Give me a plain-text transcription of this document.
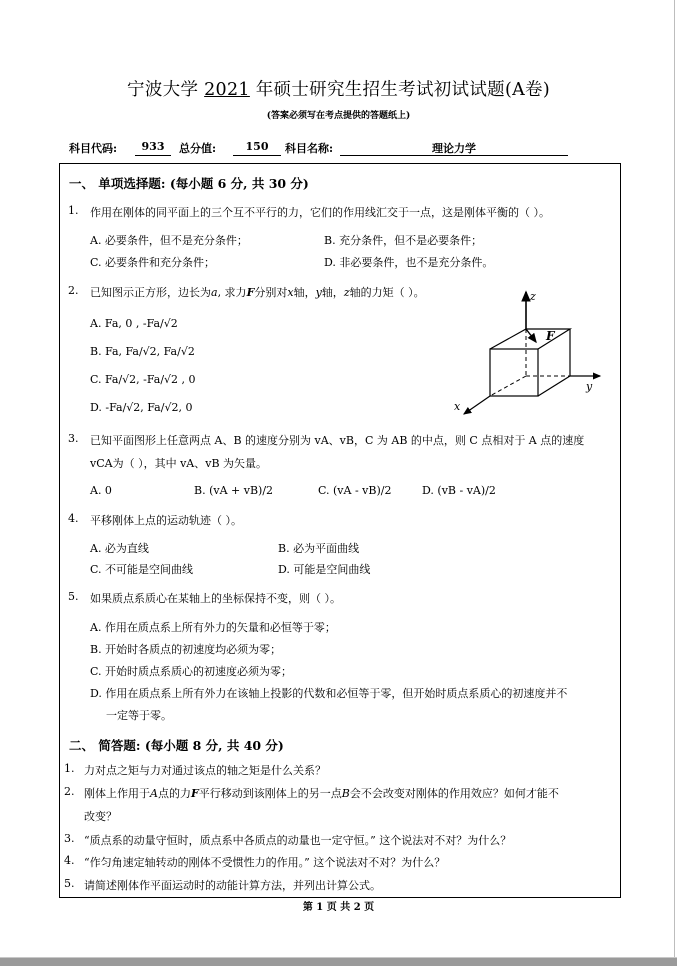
宁波大学 2021 年硕士研究生招生考试初试试题(A卷)
(答案必须写在考点提供的答题纸上)
科目代码:	933	总分值:	150	科目名称:	理论力学
一、 单项选择题: (每小题 6 分, 共 30 分)
1. 作用在刚体的同平面上的三个互不平行的力，它们的作用线汇交于一点，这是刚体平衡的（ ）。
A. 必要条件，但不是充分条件；	B. 充分条件，但不是必要条件；
C. 必要条件和充分条件；	D. 非必要条件，也不是充分条件。
2. 已知图示正方形，边长为a, 求力F分别对x轴，y轴，z轴的力矩（ ）。
A. Fa, 0 , -Fa/√2
B. Fa, Fa/√2, Fa/√2
C. Fa/√2, -Fa/√2 , 0
D. -Fa/√2, Fa/√2, 0
z
y
x
F
3. 已知平面图形上任意两点 A、B 的速度分别为 vA、vB，C 为 AB 的中点，则 C 点相对于 A 点的速度
vCA为（ ），其中 vA、vB 为矢量。
A. 0	B. (vA + vB)/2	C. (vA - vB)/2	D. (vB - vA)/2
4. 平移刚体上点的运动轨迹（ ）。
A. 必为直线	B. 必为平面曲线
C. 不可能是空间曲线	D. 可能是空间曲线
5. 如果质点系质心在某轴上的坐标保持不变，则（ ）。
A. 作用在质点系上所有外力的矢量和必恒等于零；
B. 开始时各质点的初速度均必须为零；
C. 开始时质点系质心的初速度必须为零；
D. 作用在质点系上所有外力在该轴上投影的代数和必恒等于零，但开始时质点系质心的初速度并不
一定等于零。
二、 简答题: (每小题 8 分, 共 40 分)
1. 力对点之矩与力对通过该点的轴之矩是什么关系？
2. 刚体上作用于A点的力F平行移动到该刚体上的另一点B会不会改变对刚体的作用效应？如何才能不
改变？
3. “质点系的动量守恒时，质点系中各质点的动量也一定守恒。” 这个说法对不对？为什么？
4. “作匀角速定轴转动的刚体不受惯性力的作用。” 这个说法对不对？为什么？
5. 请简述刚体作平面运动时的动能计算方法，并列出计算公式。
第 1 页 共 2 页
